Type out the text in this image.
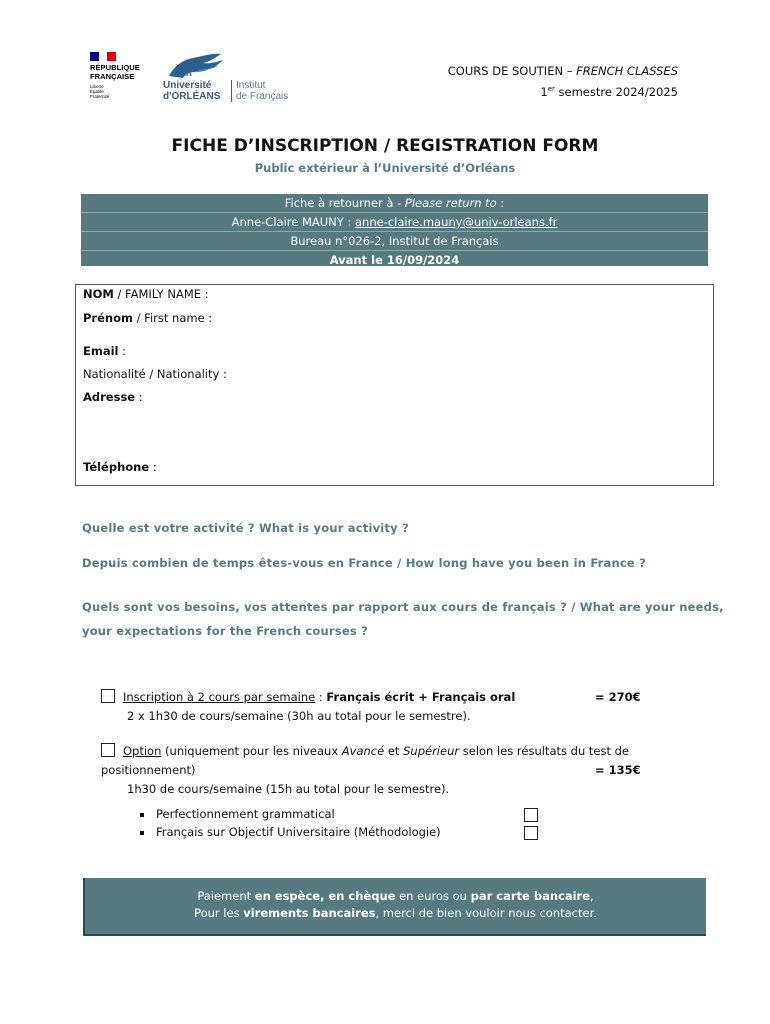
RÉPUBLIQUE
FRANÇAISE
Liberté
Égalité
Fraternité
Université
d'ORLÉANS
Institut
de Français
COURS DE SOUTIEN – FRENCH CLASSES
1er semestre 2024/2025
FICHE D’INSCRIPTION / REGISTRATION FORM
Public extérieur à l’Université d’Orléans
Fiche à retourner à - Please return to :
Anne-Claire MAUNY : anne-claire.mauny@univ-orleans.fr
Bureau n°026-2, Institut de Français
Avant le 16/09/2024
NOM / FAMILY NAME :
Prénom / First name :
Email :
Nationalité / Nationality :
Adresse :
Téléphone :
Quelle est votre activité ? What is your activity ?
Depuis combien de temps êtes-vous en France / How long have you been in France ?
Quels sont vos besoins, vos attentes par rapport aux cours de français ? / What are your needs,
your expectations for the French courses ?
Inscription à 2 cours par semaine : Français écrit + Français oral	= 270€
2 x 1h30 de cours/semaine (30h au total pour le semestre).
Option (uniquement pour les niveaux Avancé et Supérieur selon les résultats du test de
positionnement)	= 135€
1h30 de cours/semaine (15h au total pour le semestre).
Perfectionnement grammatical
Français sur Objectif Universitaire (Méthodologie)
Paiement en espèce, en chèque en euros ou par carte bancaire,
Pour les virements bancaires, merci de bien vouloir nous contacter.
